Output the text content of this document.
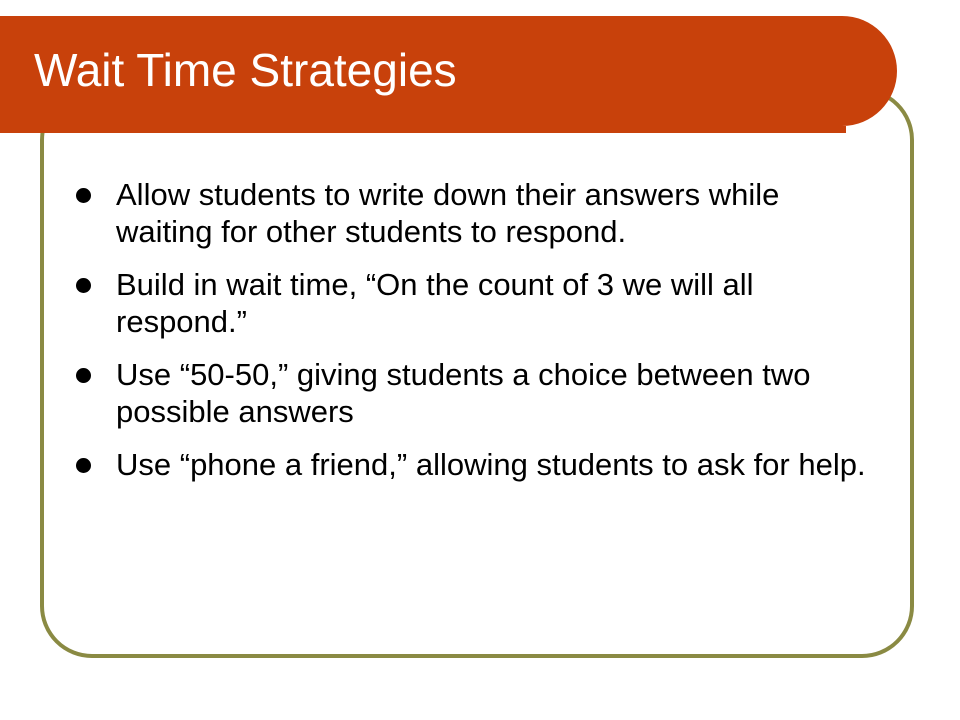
Wait Time Strategies
Allow students to write down their answers while waiting for other students to respond.
Build in wait time, “On the count of 3 we will all respond.”
Use “50-50,” giving students a choice between two possible answers
Use “phone a friend,” allowing students to ask for help.
